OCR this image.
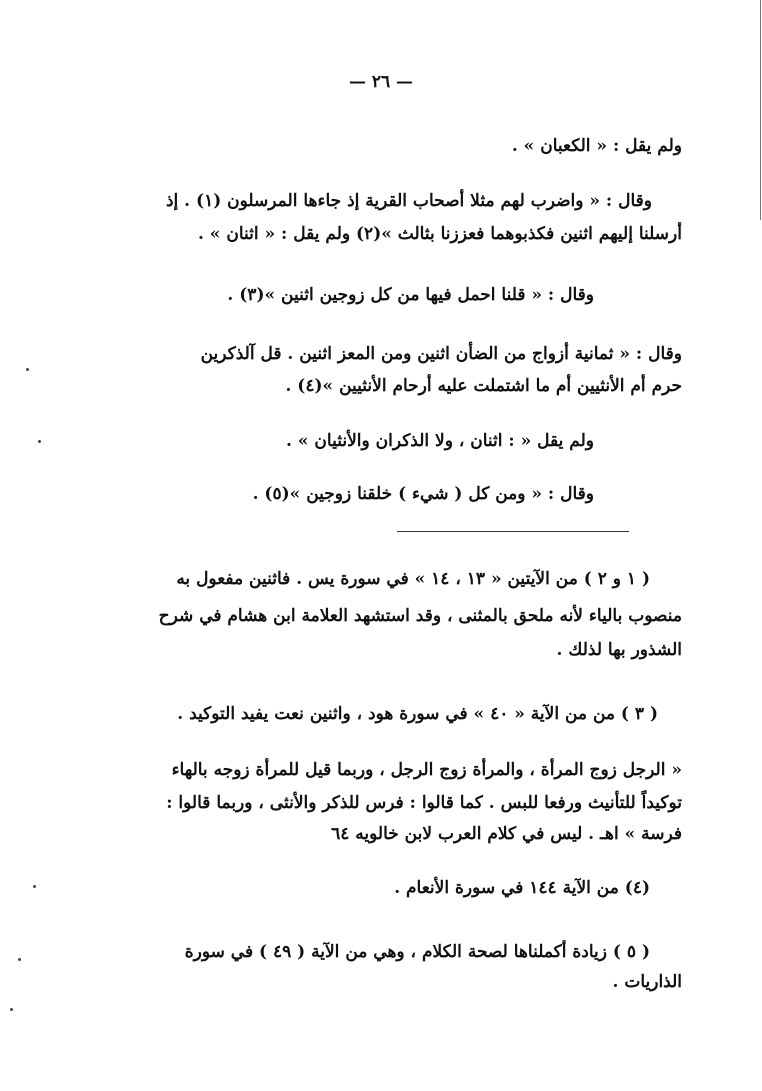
— ٢٦ —
ولم يقل : « الكعبان » .
وقال : « واضرب لهم مثلا أصحاب القرية إذ جاءها المرسلون (١) . إذ
أرسلنا إليهم اثنين فكذبوهما فعززنا بثالث »(٢) ولم يقل : « اثنان » .
وقال : « قلنا احمل فيها من كل زوجين اثنين »(٣) .
وقال : « ثمانية أزواج من الضأن اثنين ومن المعز اثنين . قل آلذكرين
حرم أم الأنثيين أم ما اشتملت عليه أرحام الأنثيين »(٤) .
ولم يقل « : اثنان ، ولا الذكران والأنثيان » .
وقال : « ومن كل ( شيء ) خلقنا زوجين »(٥) .
( ١ و ٢ ) من الآيتين « ١٣ ، ١٤ » في سورة يس . فاثنين مفعول به
منصوب بالياء لأنه ملحق بالمثنى ، وقد استشهد العلامة ابن هشام في شرح
الشذور بها لذلك .
( ٣ ) من من الآية « ٤٠ » في سورة هود ، واثنين نعت يفيد التوكيد .
« الرجل زوج المرأة ، والمرأة زوج الرجل ، وربما قيل للمرأة زوجه بالهاء
توكيداً للتأنيث ورفعا للبس . كما قالوا : فرس للذكر والأنثى ، وربما قالوا :
فرسة » اهـ . ليس في كلام العرب لابن خالويه ٦٤
(٤) من الآية ١٤٤ في سورة الأنعام .
( ٥ ) زيادة أكملناها لصحة الكلام ، وهي من الآية ( ٤٩ ) في سورة
الذاريات .
